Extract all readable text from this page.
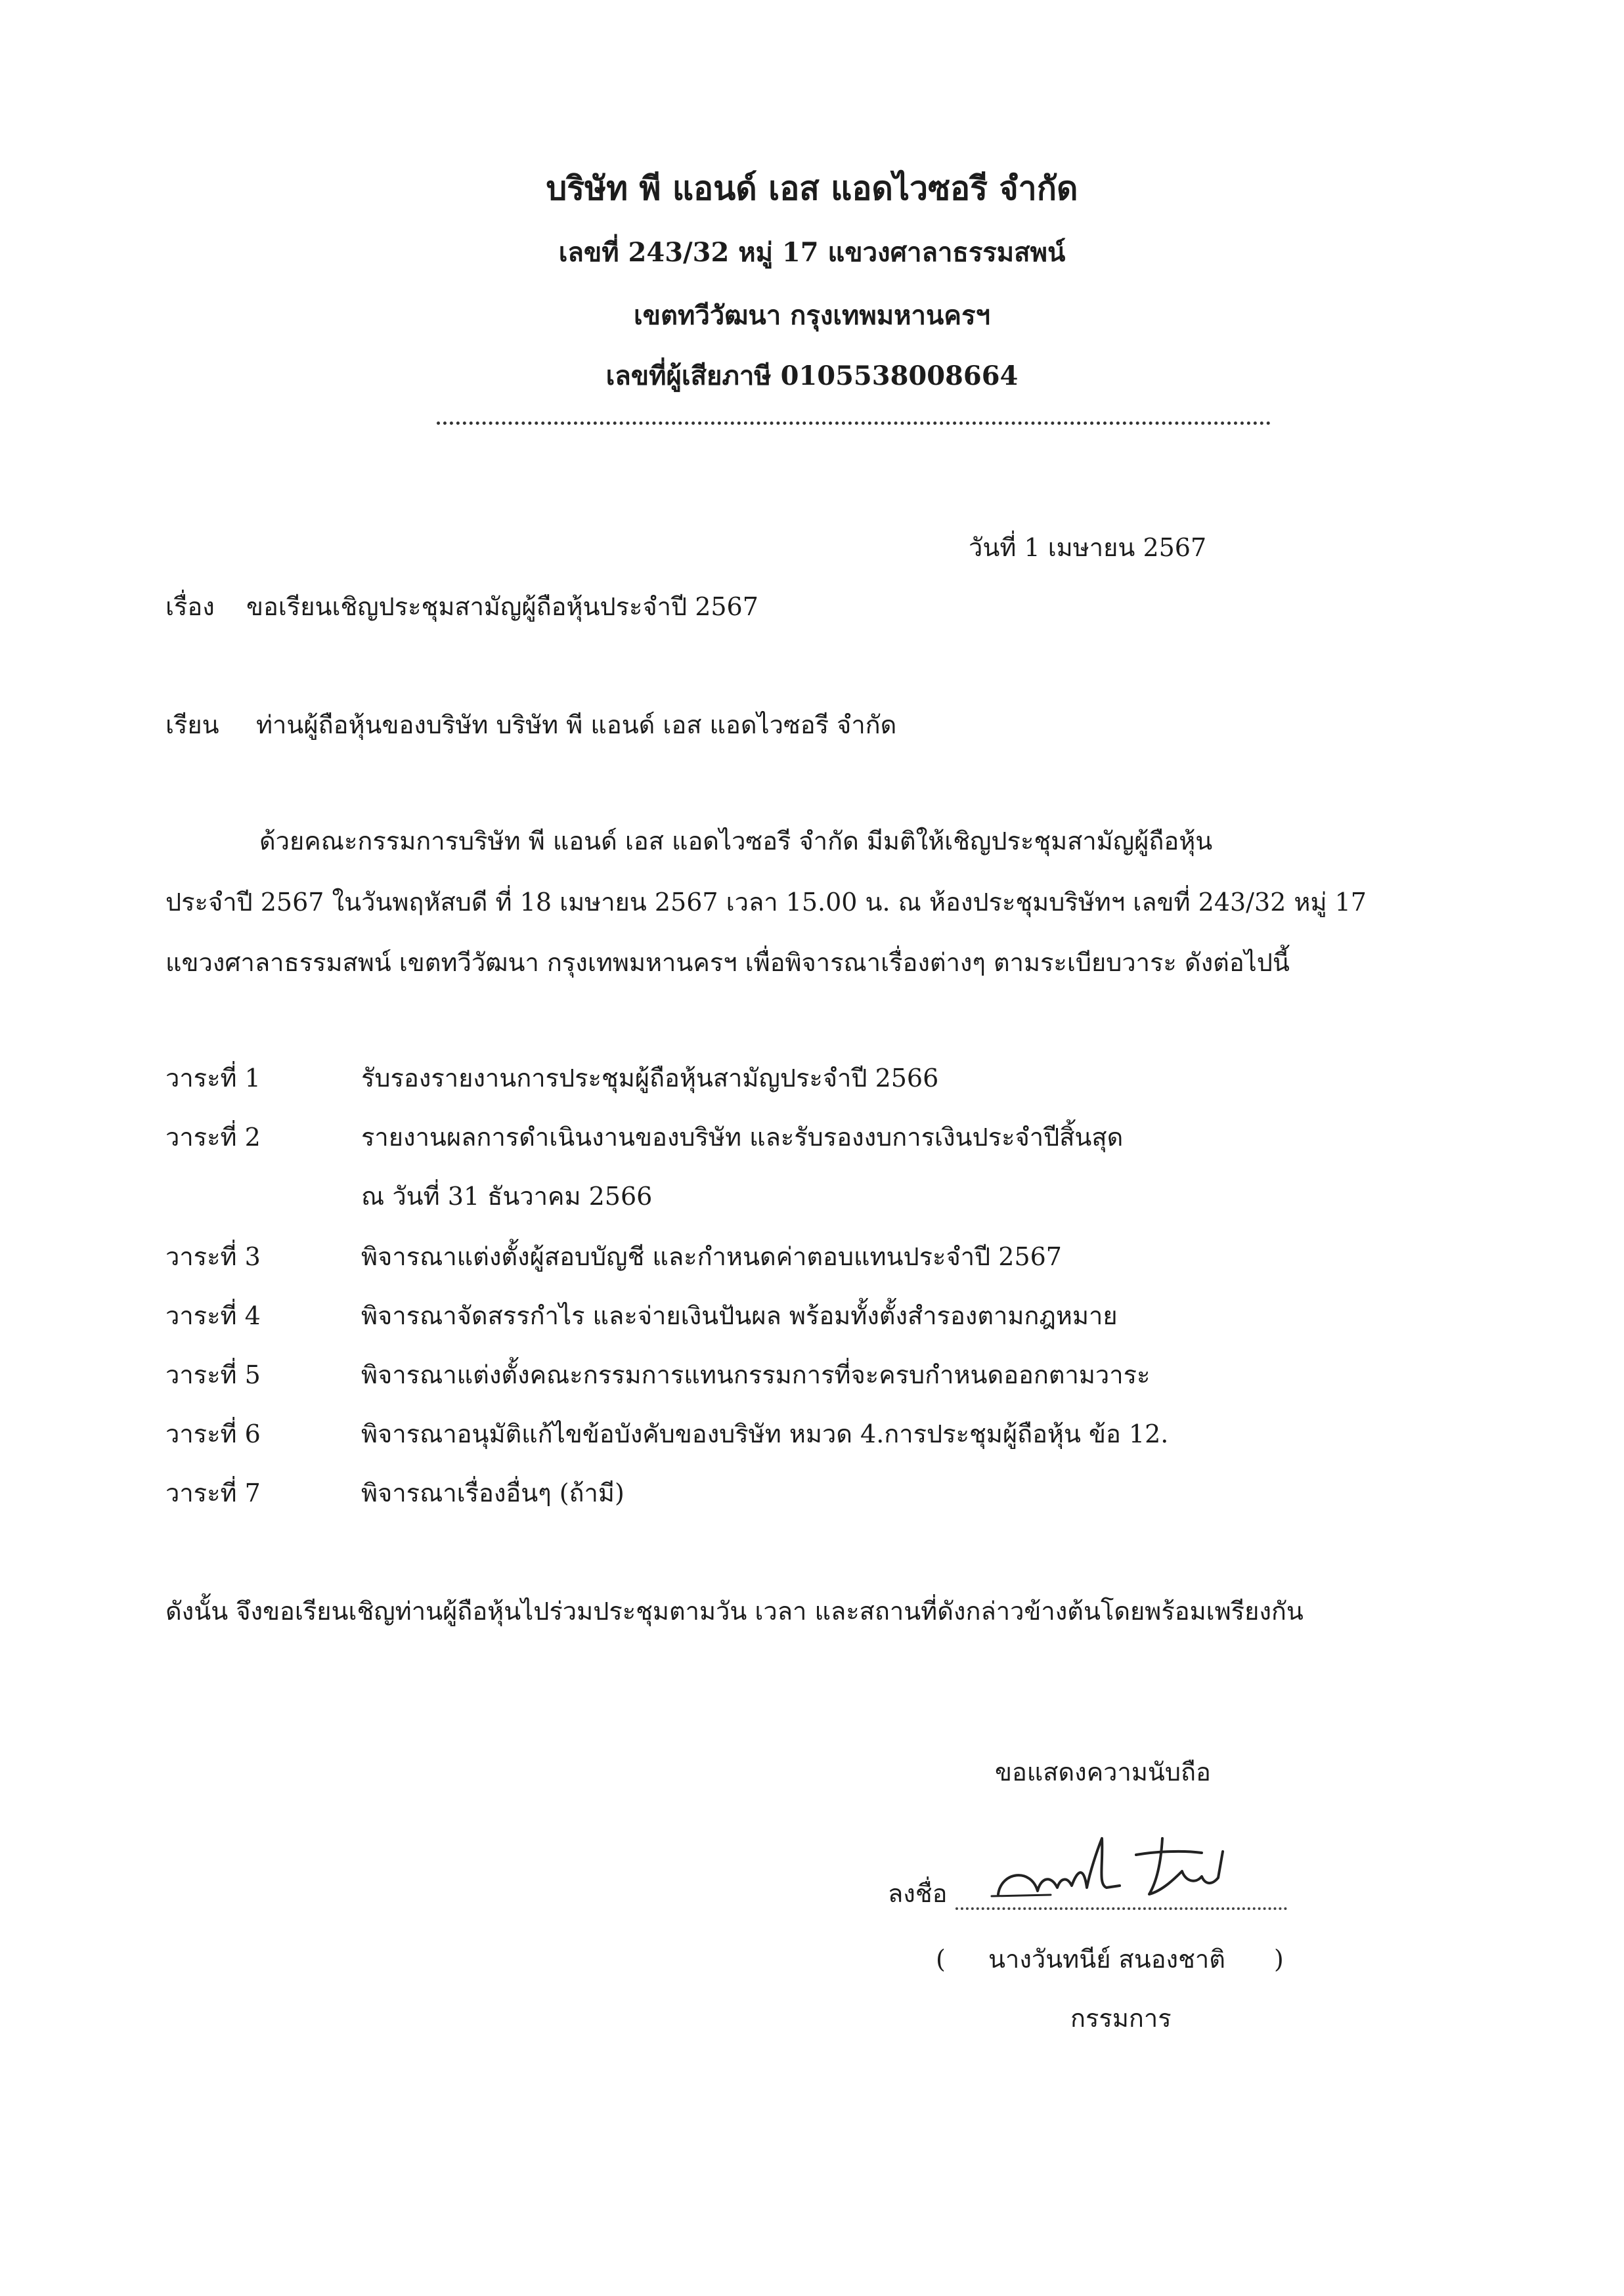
บริษัท พี แอนด์ เอส แอดไวซอรี จำกัด
เลขที่ 243/32 หมู่ 17 แขวงศาลาธรรมสพน์
เขตทวีวัฒนา กรุงเทพมหานครฯ
เลขที่ผู้เสียภาษี 0105538008664
วันที่ 1 เมษายน 2567
เรื่อง ขอเรียนเชิญประชุมสามัญผู้ถือหุ้นประจำปี 2567
เรียน ท่านผู้ถือหุ้นของบริษัท บริษัท พี แอนด์ เอส แอดไวซอรี จำกัด
ด้วยคณะกรรมการบริษัท พี แอนด์ เอส แอดไวซอรี จำกัด มีมติให้เชิญประชุมสามัญผู้ถือหุ้น
ประจำปี 2567 ในวันพฤหัสบดี ที่ 18 เมษายน 2567 เวลา 15.00 น. ณ ห้องประชุมบริษัทฯ เลขที่ 243/32 หมู่ 17
แขวงศาลาธรรมสพน์ เขตทวีวัฒนา กรุงเทพมหานครฯ เพื่อพิจารณาเรื่องต่างๆ ตามระเบียบวาระ ดังต่อไปนี้
วาระที่ 1	รับรองรายงานการประชุมผู้ถือหุ้นสามัญประจำปี 2566
วาระที่ 2	รายงานผลการดำเนินงานของบริษัท และรับรองงบการเงินประจำปีสิ้นสุด
ณ วันที่ 31 ธันวาคม 2566
วาระที่ 3	พิจารณาแต่งตั้งผู้สอบบัญชี และกำหนดค่าตอบแทนประจำปี 2567
วาระที่ 4	พิจารณาจัดสรรกำไร และจ่ายเงินปันผล พร้อมทั้งตั้งสำรองตามกฎหมาย
วาระที่ 5	พิจารณาแต่งตั้งคณะกรรมการแทนกรรมการที่จะครบกำหนดออกตามวาระ
วาระที่ 6	พิจารณาอนุมัติแก้ไขข้อบังคับของบริษัท หมวด 4.การประชุมผู้ถือหุ้น ข้อ 12.
วาระที่ 7	พิจารณาเรื่องอื่นๆ (ถ้ามี)
ดังนั้น จึงขอเรียนเชิญท่านผู้ถือหุ้นไปร่วมประชุมตามวัน เวลา และสถานที่ดังกล่าวข้างต้นโดยพร้อมเพรียงกัน
ขอแสดงความนับถือ
ลงชื่อ
( นางวันทนีย์ สนองชาติ )
กรรมการ
